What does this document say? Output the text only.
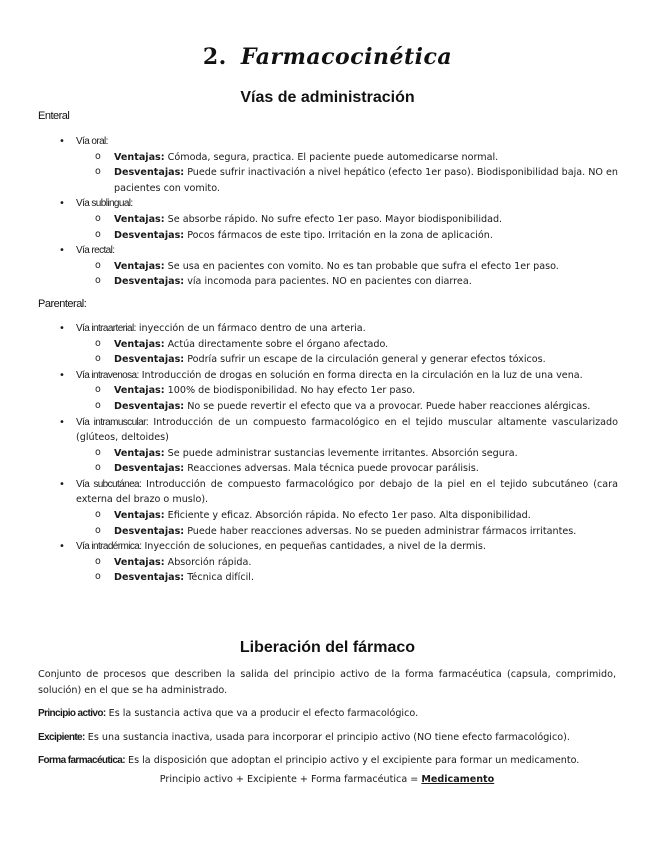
2. Farmacocinética
Vías de administración

Enteral

• Vía oral:
o Ventajas: Cómoda, segura, practica. El paciente puede automedicarse normal.
o Desventajas: Puede sufrir inactivación a nivel hepático (efecto 1er paso). Biodisponibilidad baja. NO en pacientes con vomito.
• Vía sublingual:
o Ventajas: Se absorbe rápido. No sufre efecto 1er paso. Mayor biodisponibilidad.
o Desventajas: Pocos fármacos de este tipo. Irritación en la zona de aplicación.
• Vía rectal:
o Ventajas: Se usa en pacientes con vomito. No es tan probable que sufra el efecto 1er paso.
o Desventajas: vía incomoda para pacientes. NO en pacientes con diarrea.

Parenteral:

• Vía intraarterial: inyección de un fármaco dentro de una arteria.
o Ventajas: Actúa directamente sobre el órgano afectado.
o Desventajas: Podría sufrir un escape de la circulación general y generar efectos tóxicos.
• Vía intravenosa: Introducción de drogas en solución en forma directa en la circulación en la luz de una vena.
o Ventajas: 100% de biodisponibilidad. No hay efecto 1er paso.
o Desventajas: No se puede revertir el efecto que va a provocar. Puede haber reacciones alérgicas.
• Vía intramuscular: Introducción de un compuesto farmacológico en el tejido muscular altamente vascularizado (glúteos, deltoides)
o Ventajas: Se puede administrar sustancias levemente irritantes. Absorción segura.
o Desventajas: Reacciones adversas. Mala técnica puede provocar parálisis.
• Vía subcutánea: Introducción de compuesto farmacológico por debajo de la piel en el tejido subcutáneo (cara externa del brazo o muslo).
o Ventajas: Eficiente y eficaz. Absorción rápida. No efecto 1er paso. Alta disponibilidad.
o Desventajas: Puede haber reacciones adversas. No se pueden administrar fármacos irritantes.
• Vía intradérmica: Inyección de soluciones, en pequeñas cantidades, a nivel de la dermis.
o Ventajas: Absorción rápida.
o Desventajas: Técnica difícil.
Liberación del fármaco

Conjunto de procesos que describen la salida del principio activo de la forma farmacéutica (capsula, comprimido, solución) en el que se ha administrado.

Principio activo: Es la sustancia activa que va a producir el efecto farmacológico.

Excipiente: Es una sustancia inactiva, usada para incorporar el principio activo (NO tiene efecto farmacológico).

Forma farmacéutica: Es la disposición que adoptan el principio activo y el excipiente para formar un medicamento.

Principio activo + Excipiente + Forma farmacéutica = Medicamento
